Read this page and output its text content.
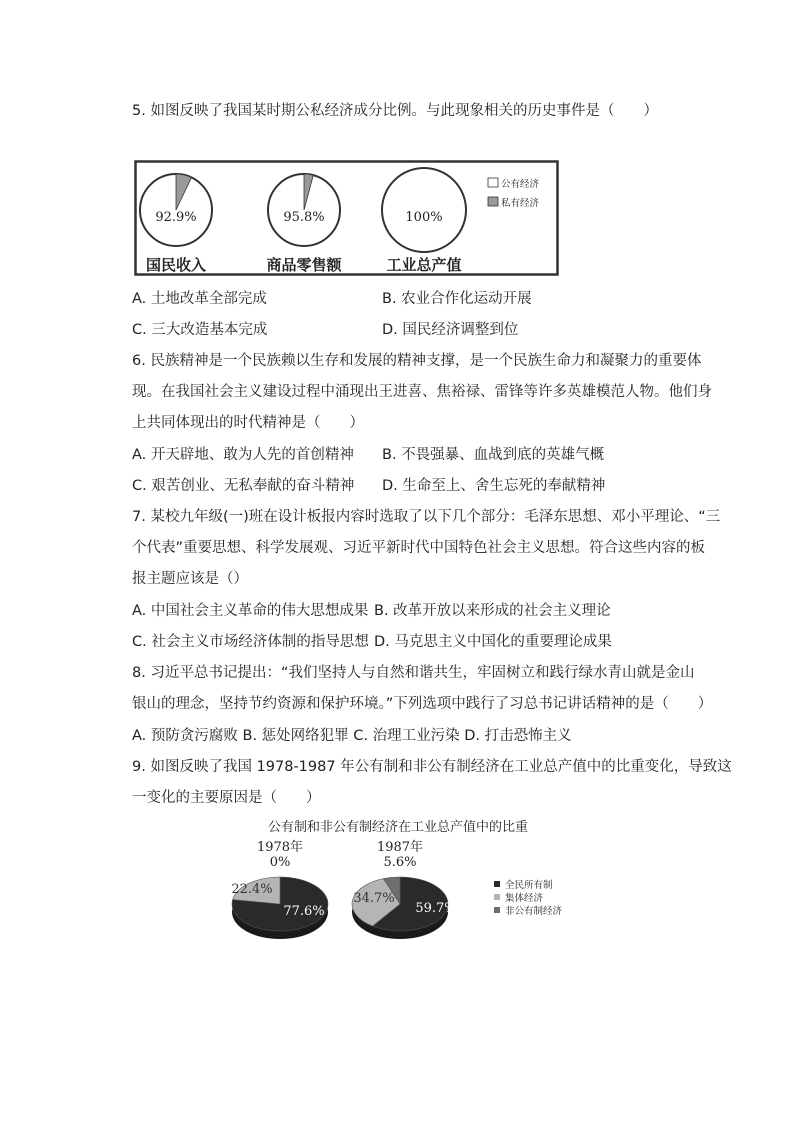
5. 如图反映了我国某时期公私经济成分比例。与此现象相关的历史事件是（　　）
92.9%
国民收入
95.8%
商品零售额
100%
工业总产值
公有经济
私有经济
A. 土地改革全部完成	B. 农业合作化运动开展
C. 三大改造基本完成	D. 国民经济调整到位
6. 民族精神是一个民族赖以生存和发展的精神支撑，是一个民族生命力和凝聚力的重要体
现。在我国社会主义建设过程中涌现出王进喜、焦裕禄、雷锋等许多英雄模范人物。他们身
上共同体现出的时代精神是（　　）
A. 开天辟地、敢为人先的首创精神 B. 不畏强暴、血战到底的英雄气概
C. 艰苦创业、无私奉献的奋斗精神 D. 生命至上、舍生忘死的奉献精神
7. 某校九年级(一)班在设计板报内容时选取了以下几个部分：毛泽东思想、邓小平理论、“三
个代表”重要思想、科学发展观、习近平新时代中国特色社会主义思想。符合这些内容的板
报主题应该是（）
A. 中国社会主义革命的伟大思想成果 B. 改革开放以来形成的社会主义理论
C. 社会主义市场经济体制的指导思想 D. 马克思主义中国化的重要理论成果
8. 习近平总书记提出：“我们坚持人与自然和谐共生，牢固树立和践行绿水青山就是金山
银山的理念，坚持节约资源和保护环境。”下列选项中践行了习总书记讲话精神的是（　　）
A. 预防贪污腐败 B. 惩处网络犯罪 C. 治理工业污染 D. 打击恐怖主义
9. 如图反映了我国 1978-1987 年公有制和非公有制经济在工业总产值中的比重变化，导致这
一变化的主要原因是（　　）
公有制和非公有制经济在工业总产值中的比重
1978年	1987年
77.6%
22.4%
0%
59.7%
34.7%
5.6%
全民所有制
集体经济
非公有制经济
